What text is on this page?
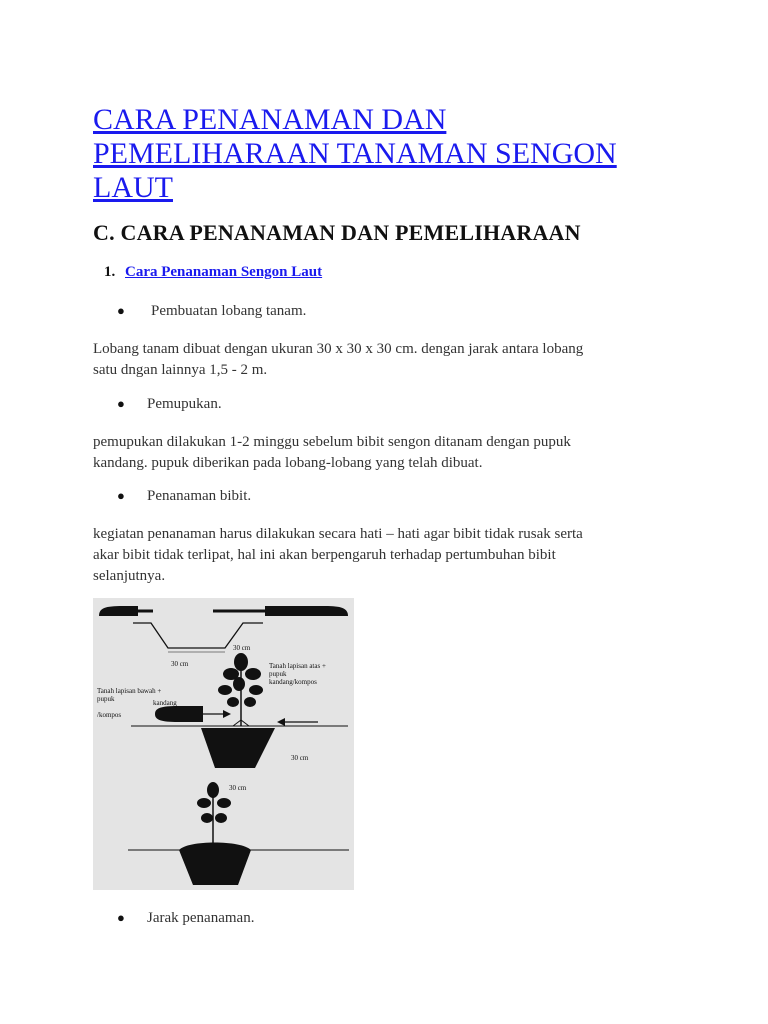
CARA PENANAMAN DAN
PEMELIHARAAN TANAMAN SENGON
LAUT
C. CARA PENANAMAN DAN PEMELIHARAAN
1. Cara Penanaman Sengon Laut
● Pembuatan lobang tanam.

Lobang tanam dibuat dengan ukuran 30 x 30 x 30 cm. dengan jarak antara lobang
satu dngan lainnya 1,5 - 2 m.

● Pemupukan.

pemupukan dilakukan 1-2 minggu sebelum bibit sengon ditanam dengan pupuk
kandang. pupuk diberikan pada lobang-lobang yang telah dibuat.

● Penanaman bibit.

kegiatan penanaman harus dilakukan secara hati – hati agar bibit tidak rusak serta
akar bibit tidak terlipat, hal ini akan berpengaruh terhadap pertumbuhan bibit
selanjutnya.

30 cm
30 cm
Tanah lapisan atas +
pupuk
kandang/kompos
Tanah lapisan bawah +
pupuk	kandang
/kompos
30 cm
30 cm
● Jarak penanaman.
